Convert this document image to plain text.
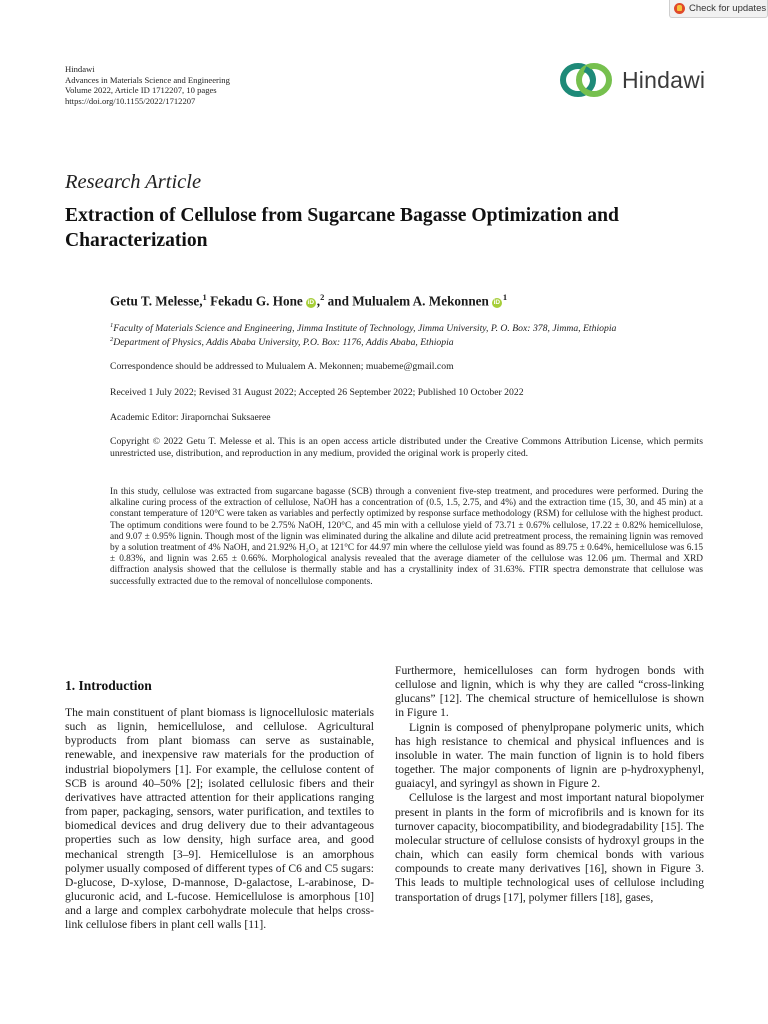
Check for updates
Hindawi
Advances in Materials Science and Engineering
Volume 2022, Article ID 1712207, 10 pages
https://doi.org/10.1155/2022/1712207
Hindawi
Research Article
Extraction of Cellulose from Sugarcane Bagasse Optimization and Characterization
Getu T. Melesse,$^1$ Fekadu G. Hone iD ,$^2$ and Mulualem A. Mekonnen $iD^1$
$^1$Faculty of Materials Science and Engineering, Jimma Institute of Technology, Jimma University, P. O. Box: 378, Jimma, Ethiopia
$^2$Department of Physics, Addis Ababa University, P.O. Box: 1176, Addis Ababa, Ethiopia
Correspondence should be addressed to Mulualem A. Mekonnen; muabeme@gmail.com
Received 1 July 2022; Revised 31 August 2022; Accepted 26 September 2022; Published 10 October 2022
Academic Editor: Jirapornchai Suksaeree
Copyright © 2022 Getu T. Melesse et al. This is an open access article distributed under the Creative Commons Attribution License, which permits unrestricted use, distribution, and reproduction in any medium, provided the original work is properly cited.
In this study, cellulose was extracted from sugarcane bagasse (SCB) through a convenient five-step treatment, and procedures were performed. During the alkaline curing process of the extraction of cellulose, NaOH has a concentration of (0.5, 1.5, 2.75, and 4%) and the extraction time (15, 30, and 45 min) at a constant temperature of 120°C were taken as variables and perfectly optimized by response surface methodology (RSM) for cellulose with the highest product. The optimum conditions were found to be 2.75% NaOH, 120°C, and 45 min with a cellulose yield of 73.71 ± 0.67% cellulose, 17.22 ± 0.82% hemicellulose, and 9.07 ± 0.95% lignin. Though most of the lignin was eliminated during the alkaline and dilute acid pretreatment process, the remaining lignin was removed by a solution treatment of 4% NaOH, and 21.92% H₂O₂ at 121°C for 44.97 min where the cellulose yield was found as 89.75 ± 0.64%, hemicellulose was 6.15 ± 0.83%, and lignin was 2.65 ± 0.66%. Morphological analysis revealed that the average diameter of the cellulose was 12.06 μm. Thermal and XRD diffraction analysis showed that the cellulose is thermally stable and has a crystallinity index of 31.63%. FTIR spectra demonstrate that cellulose was successfully extracted due to the removal of noncellulose components.
1. Introduction

The main constituent of plant biomass is lignocellulosic materials such as lignin, hemicellulose, and cellulose. Agricultural byproducts from plant biomass can serve as sustainable, renewable, and inexpensive raw materials for the production of industrial biopolymers [1]. For example, the cellulose content of SCB is around 40–50% [2]; isolated cellulosic fibers and their derivatives have attracted attention for their applications ranging from paper, packaging, sensors, water purification, and textiles to biomedical devices and drug delivery due to their advantageous properties such as low density, high surface area, and good mechanical strength [3–9]. Hemicellulose is an amorphous polymer usually composed of different types of C6 and C5 sugars: D-glucose, D-xylose, D-mannose, D-galactose, L-arabinose, D-glucuronic acid, and L-fucose. Hemicellulose is amorphous [10] and a large and complex carbohydrate molecule that helps cross-link cellulose fibers in plant cell walls [11].

Furthermore, hemicelluloses can form hydrogen bonds with cellulose and lignin, which is why they are called “cross-linking glucans” [12]. The chemical structure of hemicellulose is shown in Figure 1.

Lignin is composed of phenylpropane polymeric units, which has high resistance to chemical and physical influences and is insoluble in water. The main function of lignin is to hold fibers together. The major components of lignin are p-hydroxyphenyl, guaiacyl, and syringyl as shown in Figure 2.

Cellulose is the largest and most important natural biopolymer present in plants in the form of microfibrils and is known for its turnover capacity, biocompatibility, and biodegradability [15]. The molecular structure of cellulose consists of hydroxyl groups in the chain, which can easily form chemical bonds with various compounds to create many derivatives [16], shown in Figure 3. This leads to multiple technological uses of cellulose including transportation of drugs [17], polymer fillers [18], gases,
